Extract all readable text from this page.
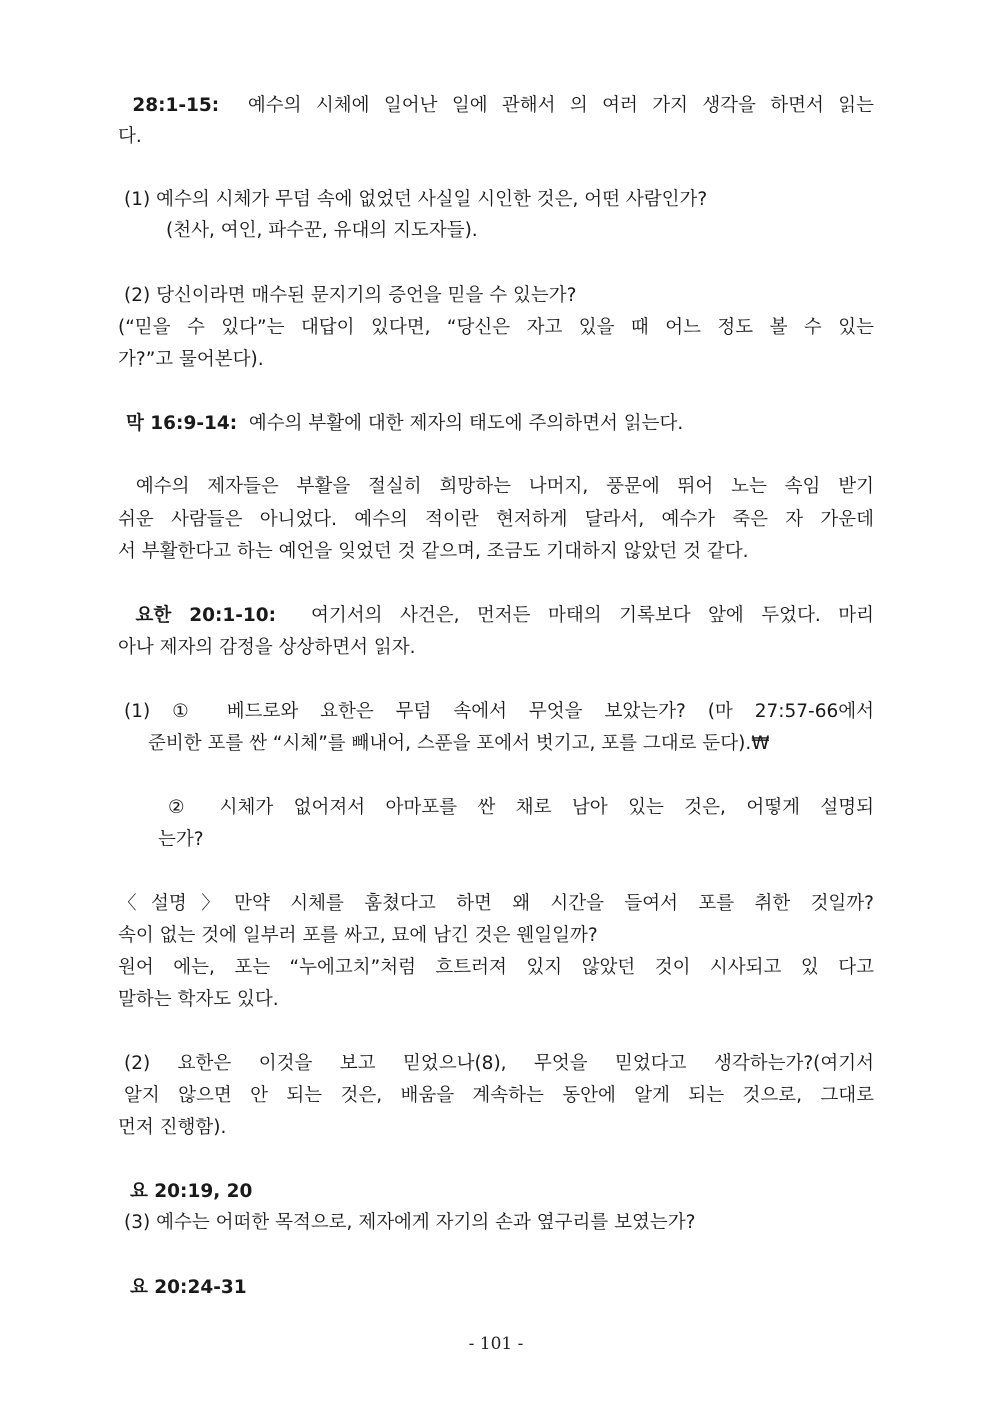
28:1-15: 예수의 시체에 일어난 일에 관해서 의 여러 가지 생각을 하면서 읽는
다.
(1) 예수의 시체가 무덤 속에 없었던 사실일 시인한 것은, 어떤 사람인가?
(천사, 여인, 파수꾼, 유대의 지도자들).
(2) 당신이라면 매수된 문지기의 증언을 믿을 수 있는가?
(“믿을 수 있다”는 대답이 있다면, “당신은 자고 있을 때 어느 정도 볼 수 있는
가?”고 물어본다).
막 16:9-14: 예수의 부활에 대한 제자의 태도에 주의하면서 읽는다.
예수의 제자들은 부활을 절실히 희망하는 나머지, 풍문에 뛰어 노는 속임 받기
쉬운 사람들은 아니었다. 예수의 적이란 현저하게 달라서, 예수가 죽은 자 가운데
서 부활한다고 하는 예언을 잊었던 것 같으며, 조금도 기대하지 않았던 것 같다.
요한 20:1-10: 여기서의 사건은, 먼저든 마태의 기록보다 앞에 두었다. 마리
아나 제자의 감정을 상상하면서 읽자.
(1) ① 베드로와 요한은 무덤 속에서 무엇을 보았는가? (마 27:57-66에서
준비한 포를 싼 “시체”를 빼내어, 스푼을 포에서 벗기고, 포를 그대로 둔다).₩
② 시체가 없어져서 아마포를 싼 채로 남아 있는 것은, 어떻게 설명되
는가?
〈설명〉만약 시체를 훔쳤다고 하면 왜 시간을 들여서 포를 취한 것일까?
속이 없는 것에 일부러 포를 싸고, 묘에 남긴 것은 웬일일까?
원어 에는, 포는 “누에고치”처럼 흐트러져 있지 않았던 것이 시사되고 있 다고
말하는 학자도 있다.
(2) 요한은 이것을 보고 믿었으나(8), 무엇을 믿었다고 생각하는가?(여기서
알지 않으면 안 되는 것은, 배움을 계속하는 동안에 알게 되는 것으로, 그대로
먼저 진행함).
요 20:19, 20
(3) 예수는 어떠한 목적으로, 제자에게 자기의 손과 옆구리를 보였는가?
요 20:24-31
- 101 -
